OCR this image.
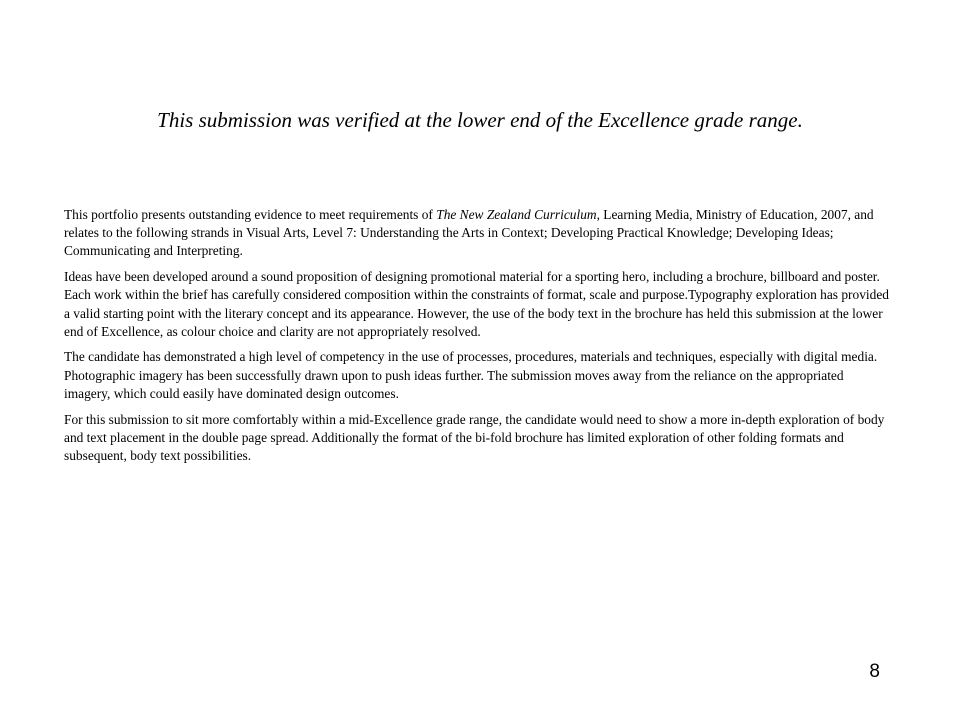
This submission was verified at the lower end of the Excellence grade range.

This portfolio presents outstanding evidence to meet requirements of The New Zealand Curriculum, Learning Media, Ministry of Education, 2007, and relates to the following strands in Visual Arts, Level 7: Understanding the Arts in Context; Developing Practical Knowledge; Developing Ideas; Communicating and Interpreting.

Ideas have been developed around a sound proposition of designing promotional material for a sporting hero, including a brochure, billboard and poster. Each work within the brief has carefully considered composition within the constraints of format, scale and purpose.Typography exploration has provided a valid starting point with the literary concept and its appearance. However, the use of the body text in the brochure has held this submission at the lower end of Excellence, as colour choice and clarity are not appropriately resolved.

The candidate has demonstrated a high level of competency in the use of processes, procedures, materials and techniques, especially with digital media. Photographic imagery has been successfully drawn upon to push ideas further. The submission moves away from the reliance on the appropriated imagery, which could easily have dominated design outcomes.

For this submission to sit more comfortably within a mid-Excellence grade range, the candidate would need to show a more in-depth exploration of body and text placement in the double page spread. Additionally the format of the bi-fold brochure has limited exploration of other folding formats and subsequent, body text possibilities.

8
